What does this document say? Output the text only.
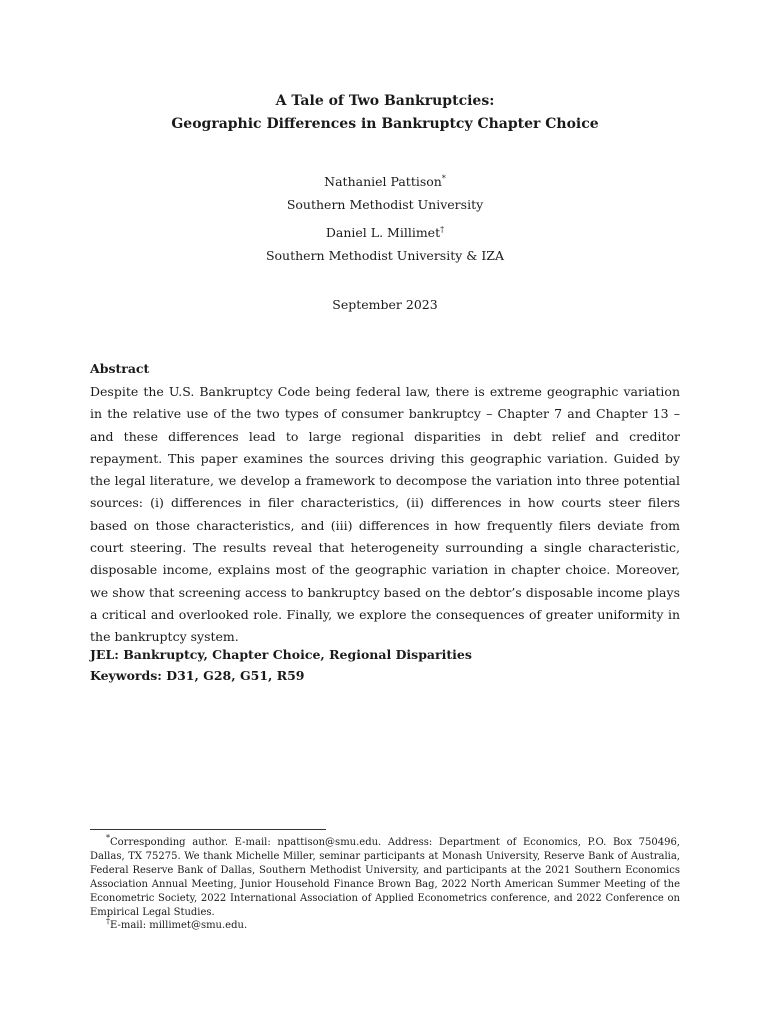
A Tale of Two Bankruptcies:
Geographic Differences in Bankruptcy Chapter Choice
Nathaniel Pattison*
Southern Methodist University
Daniel L. Millimet†
Southern Methodist University & IZA
September 2023
Abstract

Despite the U.S. Bankruptcy Code being federal law, there is extreme geographic variation in the relative use of the two types of consumer bankruptcy – Chapter 7 and Chapter 13 – and these differences lead to large regional disparities in debt relief and creditor repayment. This paper examines the sources driving this geographic variation. Guided by the legal literature, we develop a framework to decompose the variation into three potential sources: (i) differences in filer characteristics, (ii) differences in how courts steer filers based on those characteristics, and (iii) differences in how frequently filers deviate from court steering. The results reveal that heterogeneity surrounding a single characteristic, disposable income, explains most of the geographic variation in chapter choice. Moreover, we show that screening access to bankruptcy based on the debtor’s disposable income plays a critical and overlooked role. Finally, we explore the consequences of greater uniformity in the bankruptcy system.

JEL: Bankruptcy, Chapter Choice, Regional Disparities
Keywords: D31, G28, G51, R59

*Corresponding author. E-mail: npattison@smu.edu. Address: Department of Economics, P.O. Box 750496, Dallas, TX 75275. We thank Michelle Miller, seminar participants at Monash University, Reserve Bank of Australia, Federal Reserve Bank of Dallas, Southern Methodist University, and participants at the 2021 Southern Economics Association Annual Meeting, Junior Household Finance Brown Bag, 2022 North American Summer Meeting of the Econometric Society, 2022 International Association of Applied Econometrics conference, and 2022 Conference on Empirical Legal Studies.

†E-mail: millimet@smu.edu.
